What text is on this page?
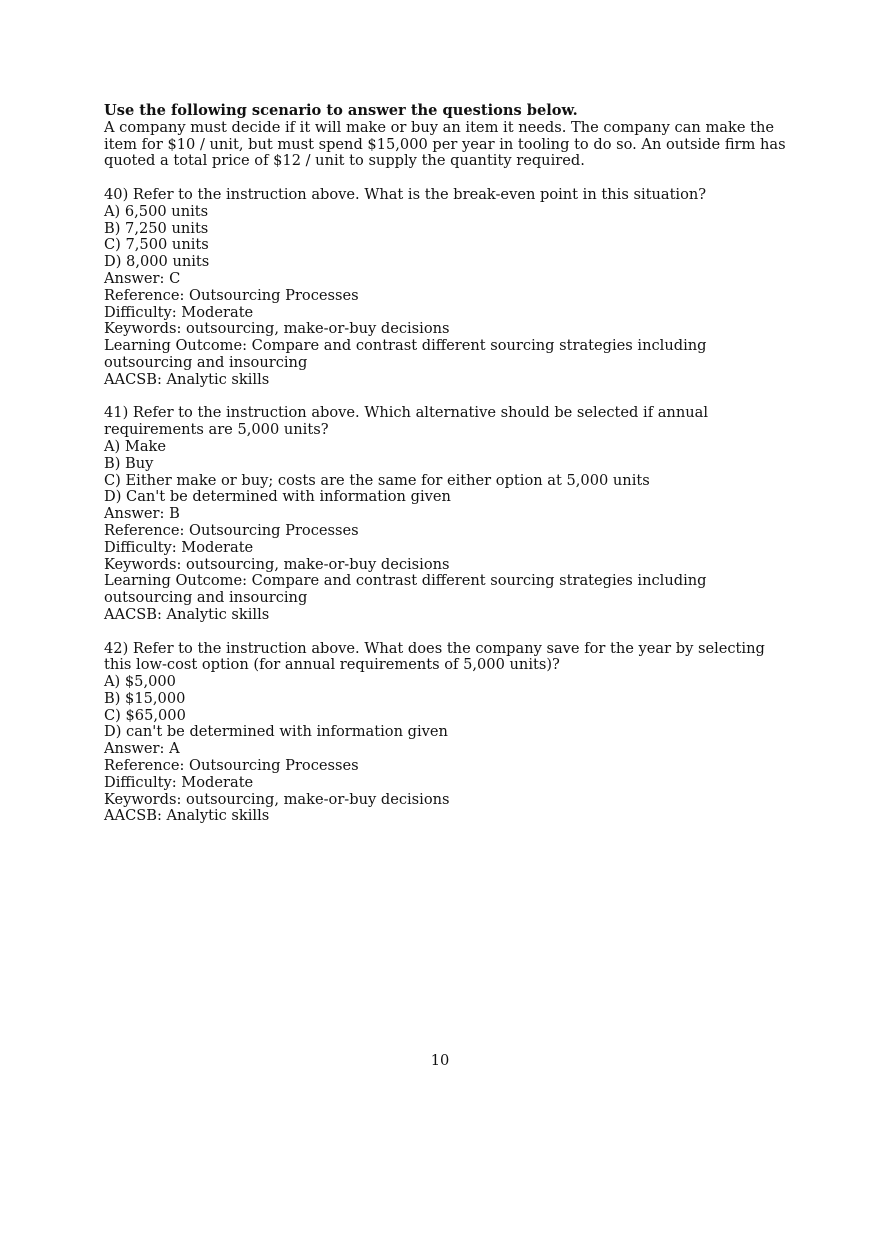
Use the following scenario to answer the questions below.
A company must decide if it will make or buy an item it needs. The company can make the
item for $10 / unit, but must spend $15,000 per year in tooling to do so. An outside firm has
quoted a total price of $12 / unit to supply the quantity required.
40) Refer to the instruction above. What is the break-even point in this situation?
A) 6,500 units
B) 7,250 units
C) 7,500 units
D) 8,000 units
Answer: C
Reference: Outsourcing Processes
Difficulty: Moderate
Keywords: outsourcing, make-or-buy decisions
Learning Outcome: Compare and contrast different sourcing strategies including
outsourcing and insourcing
AACSB: Analytic skills
41) Refer to the instruction above. Which alternative should be selected if annual
requirements are 5,000 units?
A) Make
B) Buy
C) Either make or buy; costs are the same for either option at 5,000 units
D) Can't be determined with information given
Answer: B
Reference: Outsourcing Processes
Difficulty: Moderate
Keywords: outsourcing, make-or-buy decisions
Learning Outcome: Compare and contrast different sourcing strategies including
outsourcing and insourcing
AACSB: Analytic skills
42) Refer to the instruction above. What does the company save for the year by selecting
this low-cost option (for annual requirements of 5,000 units)?
A) $5,000
B) $15,000
C) $65,000
D) can't be determined with information given
Answer: A
Reference: Outsourcing Processes
Difficulty: Moderate
Keywords: outsourcing, make-or-buy decisions
AACSB: Analytic skills
10
